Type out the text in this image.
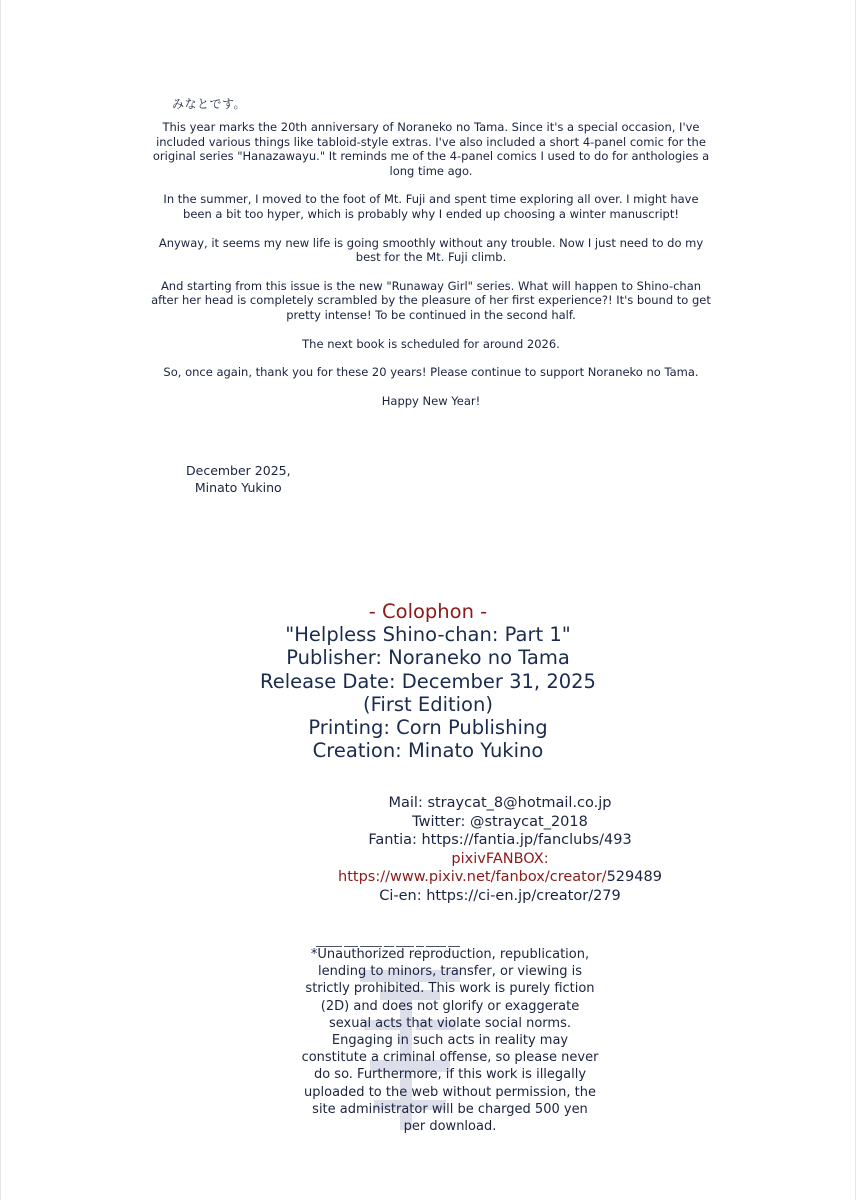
みなとです。

This year marks the 20th anniversary of Noraneko no Tama. Since it's a special occasion, I've included various things like tabloid-style extras. I've also included a short 4-panel comic for the original series "Hanazawayu." It reminds me of the 4-panel comics I used to do for anthologies a long time ago.

In the summer, I moved to the foot of Mt. Fuji and spent time exploring all over. I might have been a bit too hyper, which is probably why I ended up choosing a winter manuscript!

Anyway, it seems my new life is going smoothly without any trouble. Now I just need to do my best for the Mt. Fuji climb.

And starting from this issue is the new "Runaway Girl" series. What will happen to Shino-chan after her head is completely scrambled by the pleasure of her first experience?! It's bound to get pretty intense! To be continued in the second half.

The next book is scheduled for around 2026.

So, once again, thank you for these 20 years! Please continue to support Noraneko no Tama.

Happy New Year!

December 2025,
Minato Yukino
- Colophon -
"Helpless Shino-chan: Part 1"
Publisher: Noraneko no Tama
Release Date: December 31, 2025
(First Edition)
Printing: Corn Publishing
Creation: Minato Yukino
Mail: straycat_8@hotmail.co.jp
Twitter: @straycat_2018
Fantia: https://fantia.jp/fanclubs/493
pixivFANBOX:
https://www.pixiv.net/fanbox/creator/529489
Ci-en: https://ci-en.jp/creator/279
*Unauthorized reproduction, republication, lending to minors, transfer, or viewing is strictly prohibited. This work is purely fiction (2D) and does not glorify or exaggerate sexual acts that violate social norms. Engaging in such acts in reality may constitute a criminal offense, so please never do so. Furthermore, if this work is illegally uploaded to the web without permission, the site administrator will be charged 500 yen per download.
